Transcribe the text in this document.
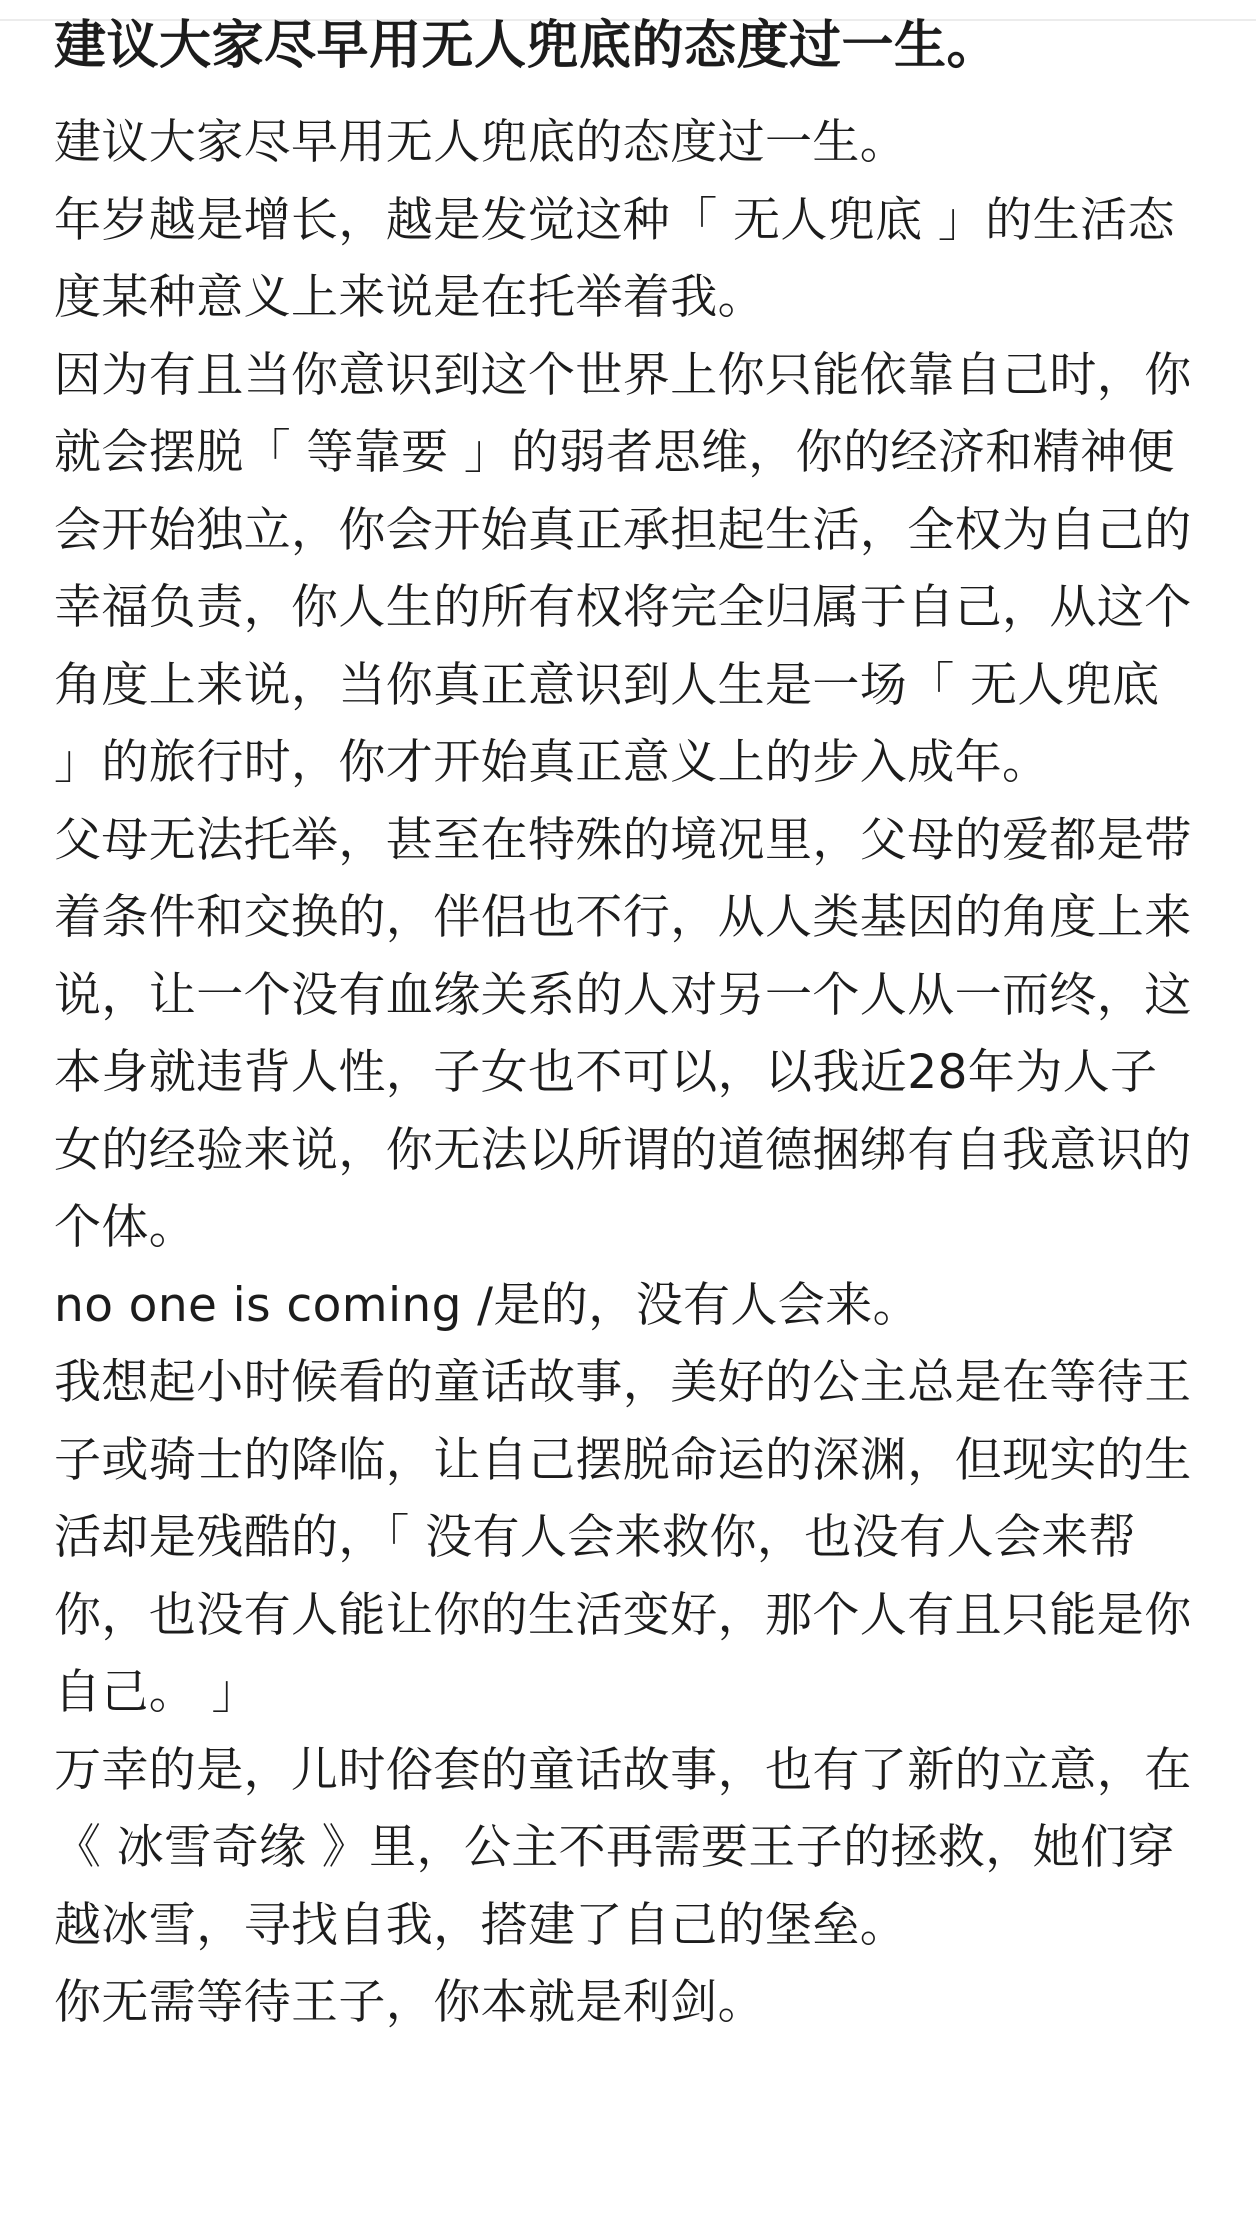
建议大家尽早用无人兜底的态度过一生。

建议大家尽早用无人兜底的态度过一生。

年岁越是增长，越是发觉这种「 无人兜底 」的生活态度某种意义上来说是在托举着我。

因为有且当你意识到这个世界上你只能依靠自己时，你就会摆脱「 等靠要 」的弱者思维，你的经济和精神便会开始独立，你会开始真正承担起生活，全权为自己的幸福负责，你人生的所有权将完全归属于自己，从这个角度上来说，当你真正意识到人生是一场「 无人兜底 」的旅行时，你才开始真正意义上的步入成年。

父母无法托举，甚至在特殊的境况里，父母的爱都是带着条件和交换的，伴侣也不行，从人类基因的角度上来说，让一个没有血缘关系的人对另一个人从一而终，这本身就违背人性，子女也不可以，以我近28年为人子女的经验来说，你无法以所谓的道德捆绑有自我意识的个体。

no one is coming /是的，没有人会来。

我想起小时候看的童话故事，美好的公主总是在等待王子或骑士的降临，让自己摆脱命运的深渊，但现实的生活却是残酷的，「 没有人会来救你，也没有人会来帮你，也没有人能让你的生活变好，那个人有且只能是你自己。 」

万幸的是，儿时俗套的童话故事，也有了新的立意，在《 冰雪奇缘 》里，公主不再需要王子的拯救，她们穿越冰雪，寻找自我，搭建了自己的堡垒。

你无需等待王子，你本就是利剑。
